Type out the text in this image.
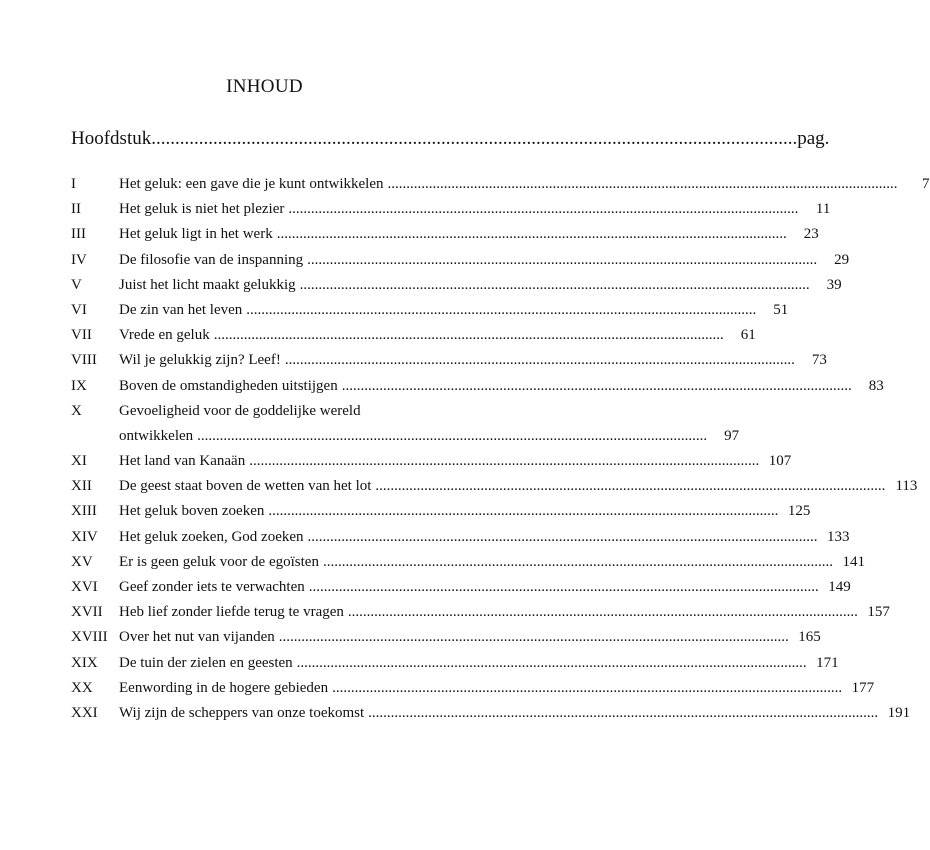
INHOUD
Hoofdstuk ........................................................................................................................................ pag.
I	Het geluk: een gave die je kunt ontwikkelen ........................................................................................................................................	7
II	Het geluk is niet het plezier ........................................................................................................................................	11
III Het geluk ligt in het werk ........................................................................................................................................	23
IV De filosofie van de inspanning ........................................................................................................................................	29
V Juist het licht maakt gelukkig ........................................................................................................................................	39
VI De zin van het leven ........................................................................................................................................	51
VII Vrede en geluk ........................................................................................................................................	61
VIII Wil je gelukkig zijn? Leef! ........................................................................................................................................	73
IX Boven de omstandigheden uitstijgen ........................................................................................................................................	83
X Gevoeligheid voor de goddelijke wereld
ontwikkelen ........................................................................................................................................	97
XI Het land van Kanaän ........................................................................................................................................ 107
XII De geest staat boven de wetten van het lot ........................................................................................................................................ 113
XIII Het geluk boven zoeken ........................................................................................................................................ 125
XIV Het geluk zoeken, God zoeken ........................................................................................................................................ 133
XV Er is geen geluk voor de egoïsten ........................................................................................................................................ 141
XVI Geef zonder iets te verwachten ........................................................................................................................................ 149
XVII Heb lief zonder liefde terug te vragen ........................................................................................................................................ 157
XVIII Over het nut van vijanden ........................................................................................................................................ 165
XIX De tuin der zielen en geesten ........................................................................................................................................ 171
XX Eenwording in de hogere gebieden ........................................................................................................................................ 177
XXI Wij zijn de scheppers van onze toekomst ........................................................................................................................................ 191
